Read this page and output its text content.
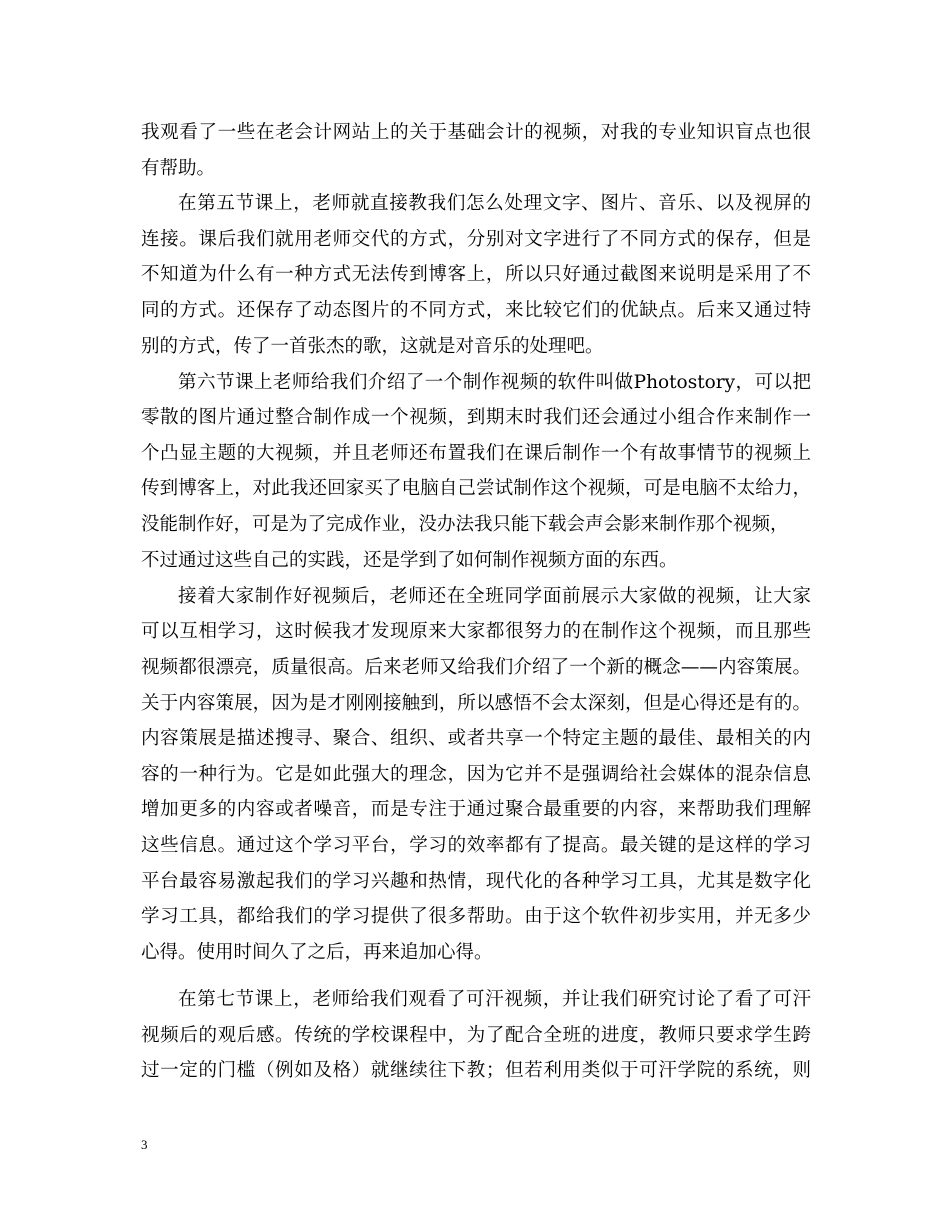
我观看了一些在老会计网站上的关于基础会计的视频，对我的专业知识盲点也很
有帮助。
在第五节课上，老师就直接教我们怎么处理文字、图片、音乐、以及视屏的
连接。课后我们就用老师交代的方式，分别对文字进行了不同方式的保存，但是
不知道为什么有一种方式无法传到博客上，所以只好通过截图来说明是采用了不
同的方式。还保存了动态图片的不同方式，来比较它们的优缺点。后来又通过特
别的方式，传了一首张杰的歌，这就是对音乐的处理吧。
第六节课上老师给我们介绍了一个制作视频的软件叫做Photostory，可以把
零散的图片通过整合制作成一个视频，到期末时我们还会通过小组合作来制作一
个凸显主题的大视频，并且老师还布置我们在课后制作一个有故事情节的视频上
传到博客上，对此我还回家买了电脑自己尝试制作这个视频，可是电脑不太给力，
没能制作好，可是为了完成作业，没办法我只能下载会声会影来制作那个视频，
不过通过这些自己的实践，还是学到了如何制作视频方面的东西。
接着大家制作好视频后，老师还在全班同学面前展示大家做的视频，让大家
可以互相学习，这时候我才发现原来大家都很努力的在制作这个视频，而且那些
视频都很漂亮，质量很高。后来老师又给我们介绍了一个新的概念——内容策展。
关于内容策展，因为是才刚刚接触到，所以感悟不会太深刻，但是心得还是有的。
内容策展是描述搜寻、聚合、组织、或者共享一个特定主题的最佳、最相关的内
容的一种行为。它是如此强大的理念，因为它并不是强调给社会媒体的混杂信息
增加更多的内容或者噪音，而是专注于通过聚合最重要的内容，来帮助我们理解
这些信息。通过这个学习平台，学习的效率都有了提高。最关键的是这样的学习
平台最容易激起我们的学习兴趣和热情，现代化的各种学习工具，尤其是数字化
学习工具，都给我们的学习提供了很多帮助。由于这个软件初步实用，并无多少
心得。使用时间久了之后，再来追加心得。
在第七节课上，老师给我们观看了可汗视频，并让我们研究讨论了看了可汗
视频后的观后感。传统的学校课程中，为了配合全班的进度，教师只要求学生跨
过一定的门槛（例如及格）就继续往下教；但若利用类似于可汗学院的系统，则
3
